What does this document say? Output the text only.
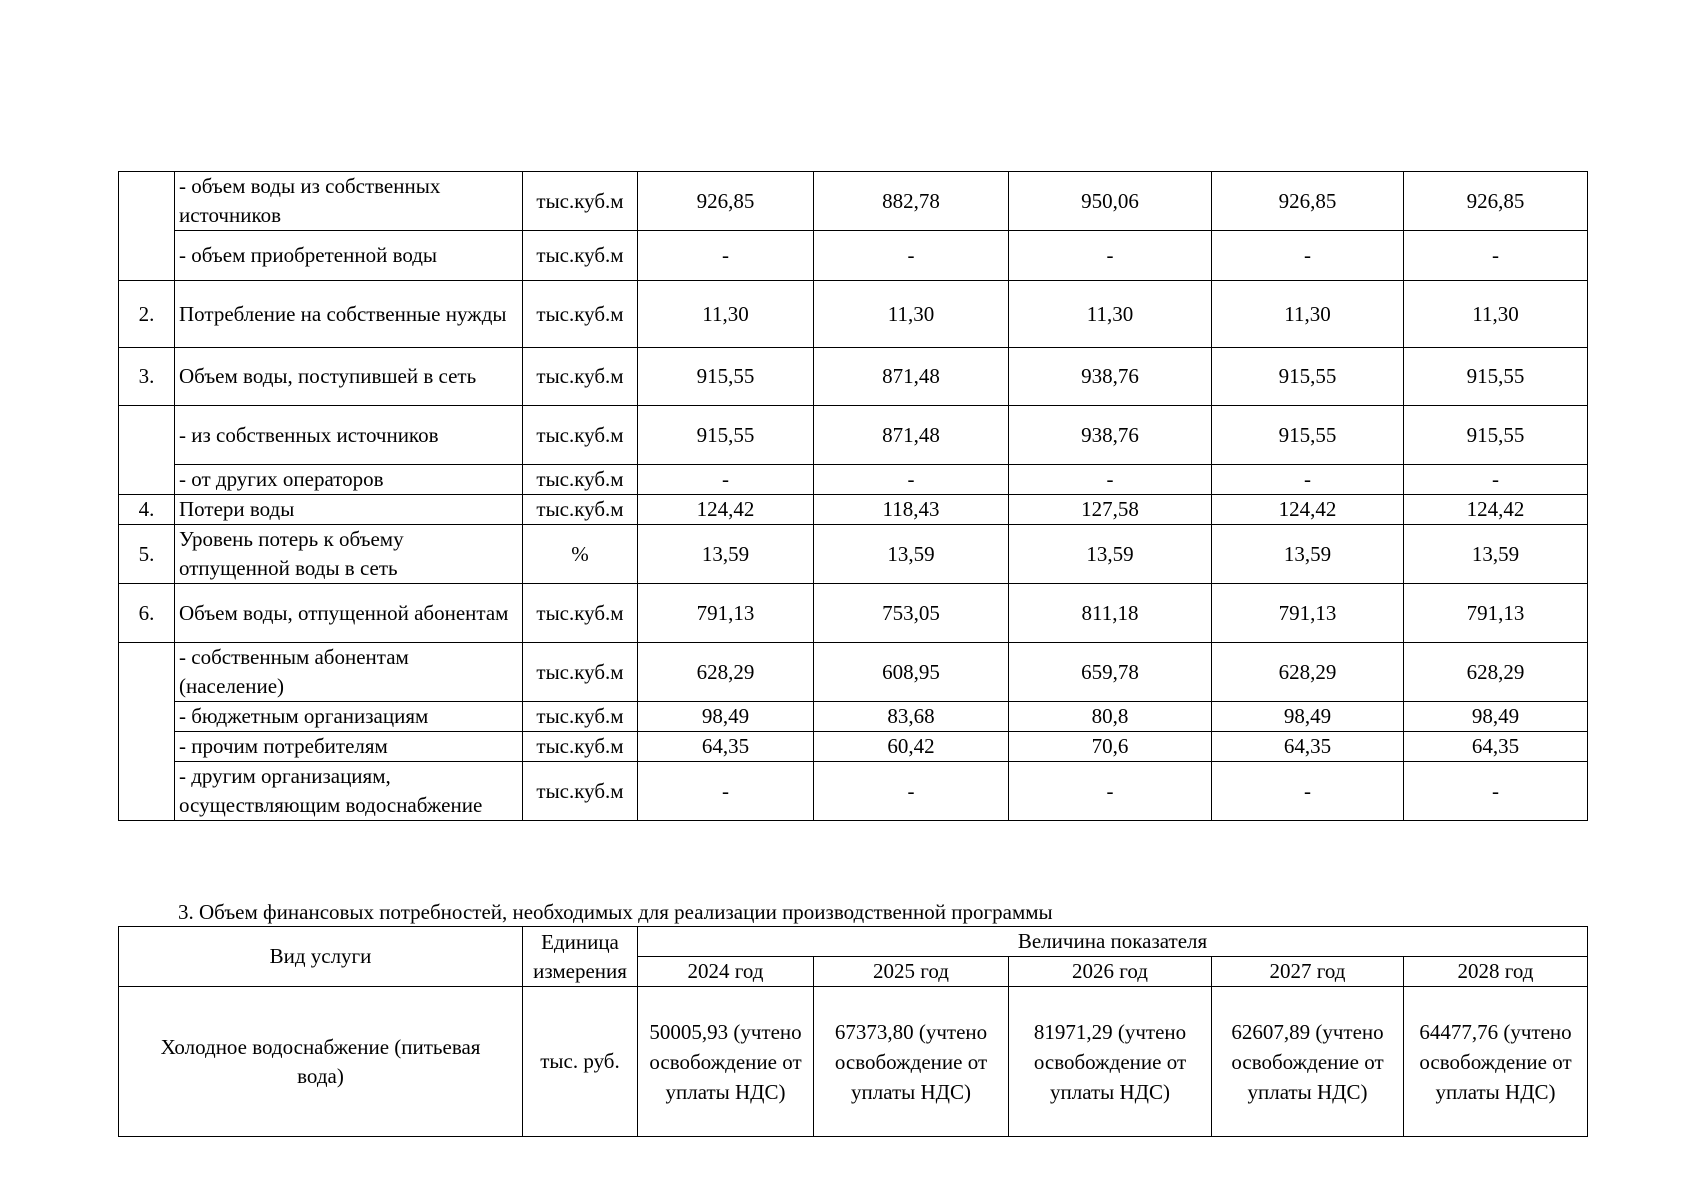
	- объем воды из собственных источников	тыс.куб.м	926,85	882,78	950,06	926,85	926,85
	- объем приобретенной воды	тыс.куб.м	-	-	-	-	-
2.	Потребление на собственные нужды	тыс.куб.м	11,30	11,30	11,30	11,30	11,30
3.	Объем воды, поступившей в сеть	тыс.куб.м	915,55	871,48	938,76	915,55	915,55
	- из собственных источников	тыс.куб.м	915,55	871,48	938,76	915,55	915,55
	- от других операторов	тыс.куб.м	-	-	-	-	-
4.	Потери воды	тыс.куб.м	124,42	118,43	127,58	124,42	124,42
5.	Уровень потерь к объему отпущенной воды в сеть	%	13,59	13,59	13,59	13,59	13,59
6.	Объем воды, отпущенной абонентам	тыс.куб.м	791,13	753,05	811,18	791,13	791,13
	- собственным абонентам (население)	тыс.куб.м	628,29	608,95	659,78	628,29	628,29
	- бюджетным организациям	тыс.куб.м	98,49	83,68	80,8	98,49	98,49
	- прочим потребителям	тыс.куб.м	64,35	60,42	70,6	64,35	64,35
	- другим организациям, осуществляющим водоснабжение	тыс.куб.м	-	-	-	-	-
3. Объем финансовых потребностей, необходимых для реализации производственной программы
Вид услуги	Единица измерения	Величина показателя				
		2024 год	2025 год	2026 год	2027 год	2028 год
Холодное водоснабжение (питьевая вода)	тыс. руб.	50005,93 (учтено освобождение от уплаты НДС)	67373,80 (учтено освобождение от уплаты НДС)	81971,29 (учтено освобождение от уплаты НДС)	62607,89 (учтено освобождение от уплаты НДС)	64477,76 (учтено освобождение от уплаты НДС)
